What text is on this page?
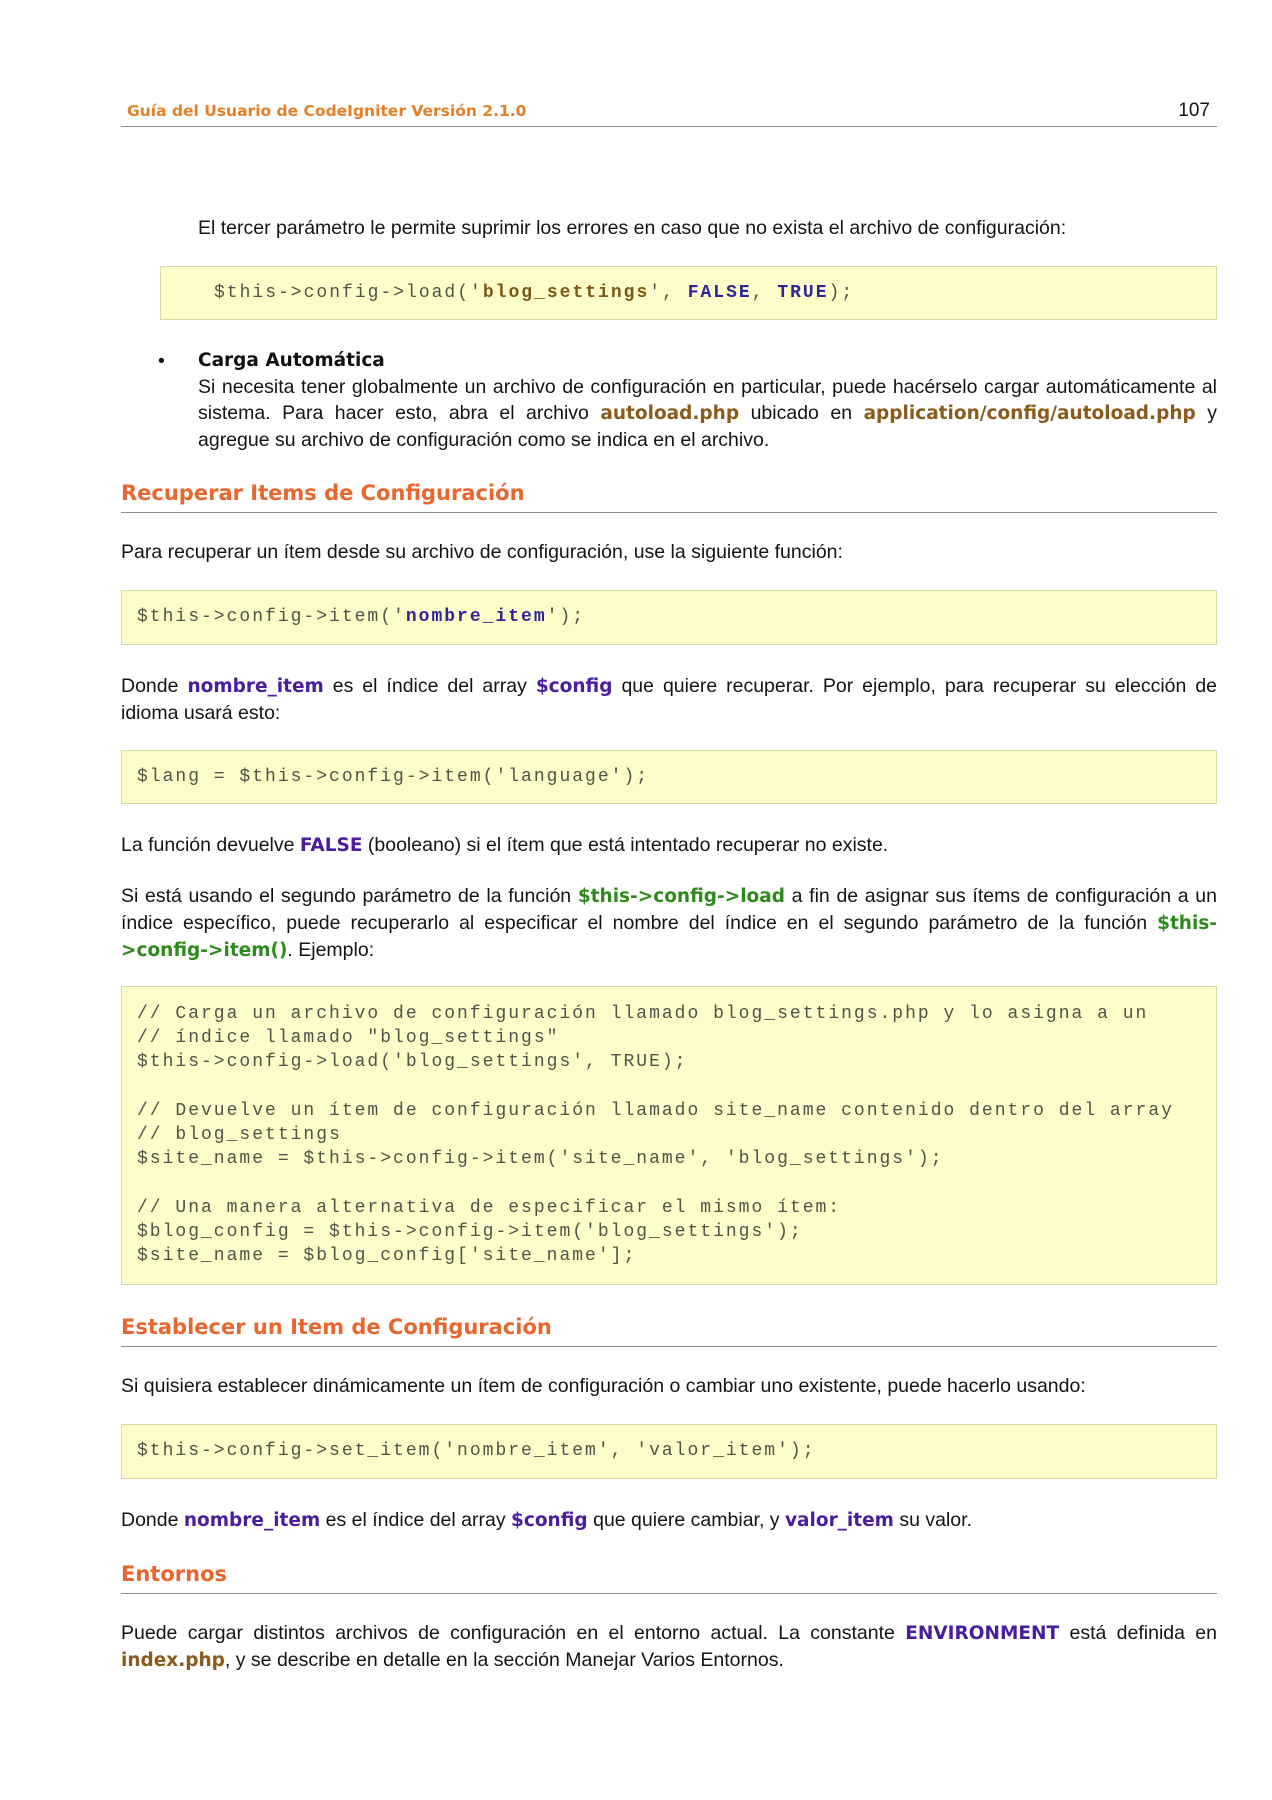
Guía del Usuario de CodeIgniter Versión 2.1.0	107
El tercer parámetro le permite suprimir los errores en caso que no exista el archivo de configuración:
$this->config->load('blog_settings', FALSE, TRUE);
• Carga Automática
Si necesita tener globalmente un archivo de configuración en particular, puede hacérselo cargar automáticamente al sistema. Para hacer esto, abra el archivo autoload.php ubicado en application/config/autoload.php y agregue su archivo de configuración como se indica en el archivo.
Recuperar Items de Configuración
Para recuperar un ítem desde su archivo de configuración, use la siguiente función:
$this->config->item('nombre_item');
Donde nombre_item es el índice del array $config que quiere recuperar. Por ejemplo, para recuperar su elección de idioma usará esto:
$lang = $this->config->item('language');
La función devuelve FALSE (booleano) si el ítem que está intentado recuperar no existe.
Si está usando el segundo parámetro de la función $this->config->load a fin de asignar sus ítems de configuración a un índice específico, puede recuperarlo al especificar el nombre del índice en el segundo parámetro de la función $this->config->item(). Ejemplo:
// Carga un archivo de configuración llamado blog_settings.php y lo asigna a un
// índice llamado "blog_settings"
$this->config->load('blog_settings', TRUE);
// Devuelve un ítem de configuración llamado site_name contenido dentro del array
// blog_settings
$site_name = $this->config->item('site_name', 'blog_settings');
// Una manera alternativa de especificar el mismo ítem:
$blog_config = $this->config->item('blog_settings');
$site_name = $blog_config['site_name'];
Establecer un Item de Configuración
Si quisiera establecer dinámicamente un ítem de configuración o cambiar uno existente, puede hacerlo usando:
$this->config->set_item('nombre_item', 'valor_item');
Donde nombre_item es el índice del array $config que quiere cambiar, y valor_item su valor.
Entornos
Puede cargar distintos archivos de configuración en el entorno actual. La constante ENVIRONMENT está definida en index.php, y se describe en detalle en la sección Manejar Varios Entornos.
